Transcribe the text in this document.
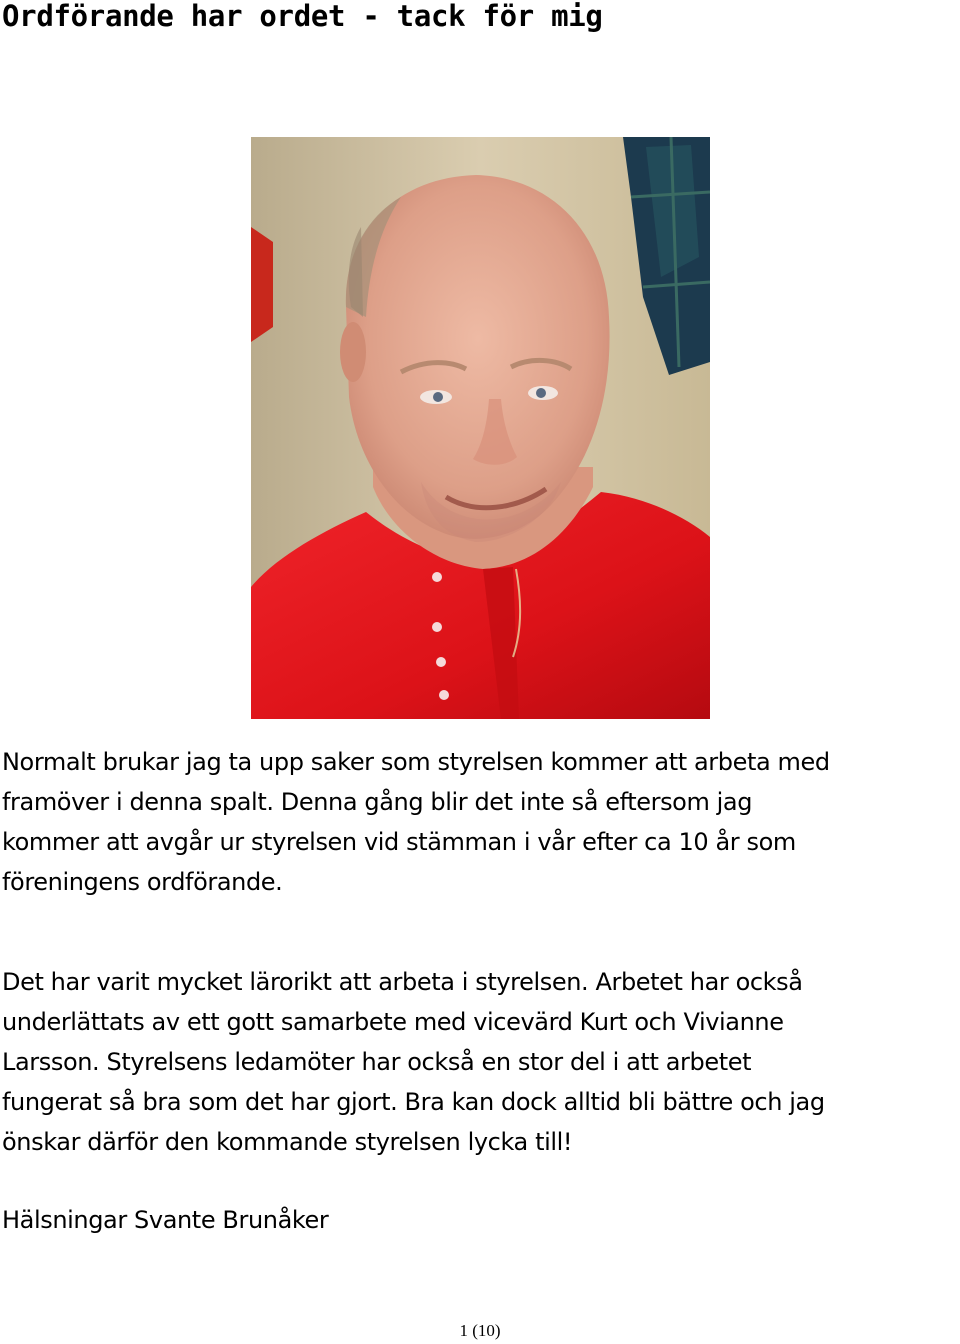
Ordförande har ordet - tack för mig
Normalt brukar jag ta upp saker som styrelsen kommer att arbeta med
framöver i denna spalt. Denna gång blir det inte så eftersom jag
kommer att avgår ur styrelsen vid stämman i vår efter ca 10 år som
föreningens ordförande.
Det har varit mycket lärorikt att arbeta i styrelsen. Arbetet har också
underlättats av ett gott samarbete med vicevärd Kurt och Vivianne
Larsson. Styrelsens ledamöter har också en stor del i att arbetet
fungerat så bra som det har gjort. Bra kan dock alltid bli bättre och jag
önskar därför den kommande styrelsen lycka till!
Hälsningar Svante Brunåker
1 (10)
